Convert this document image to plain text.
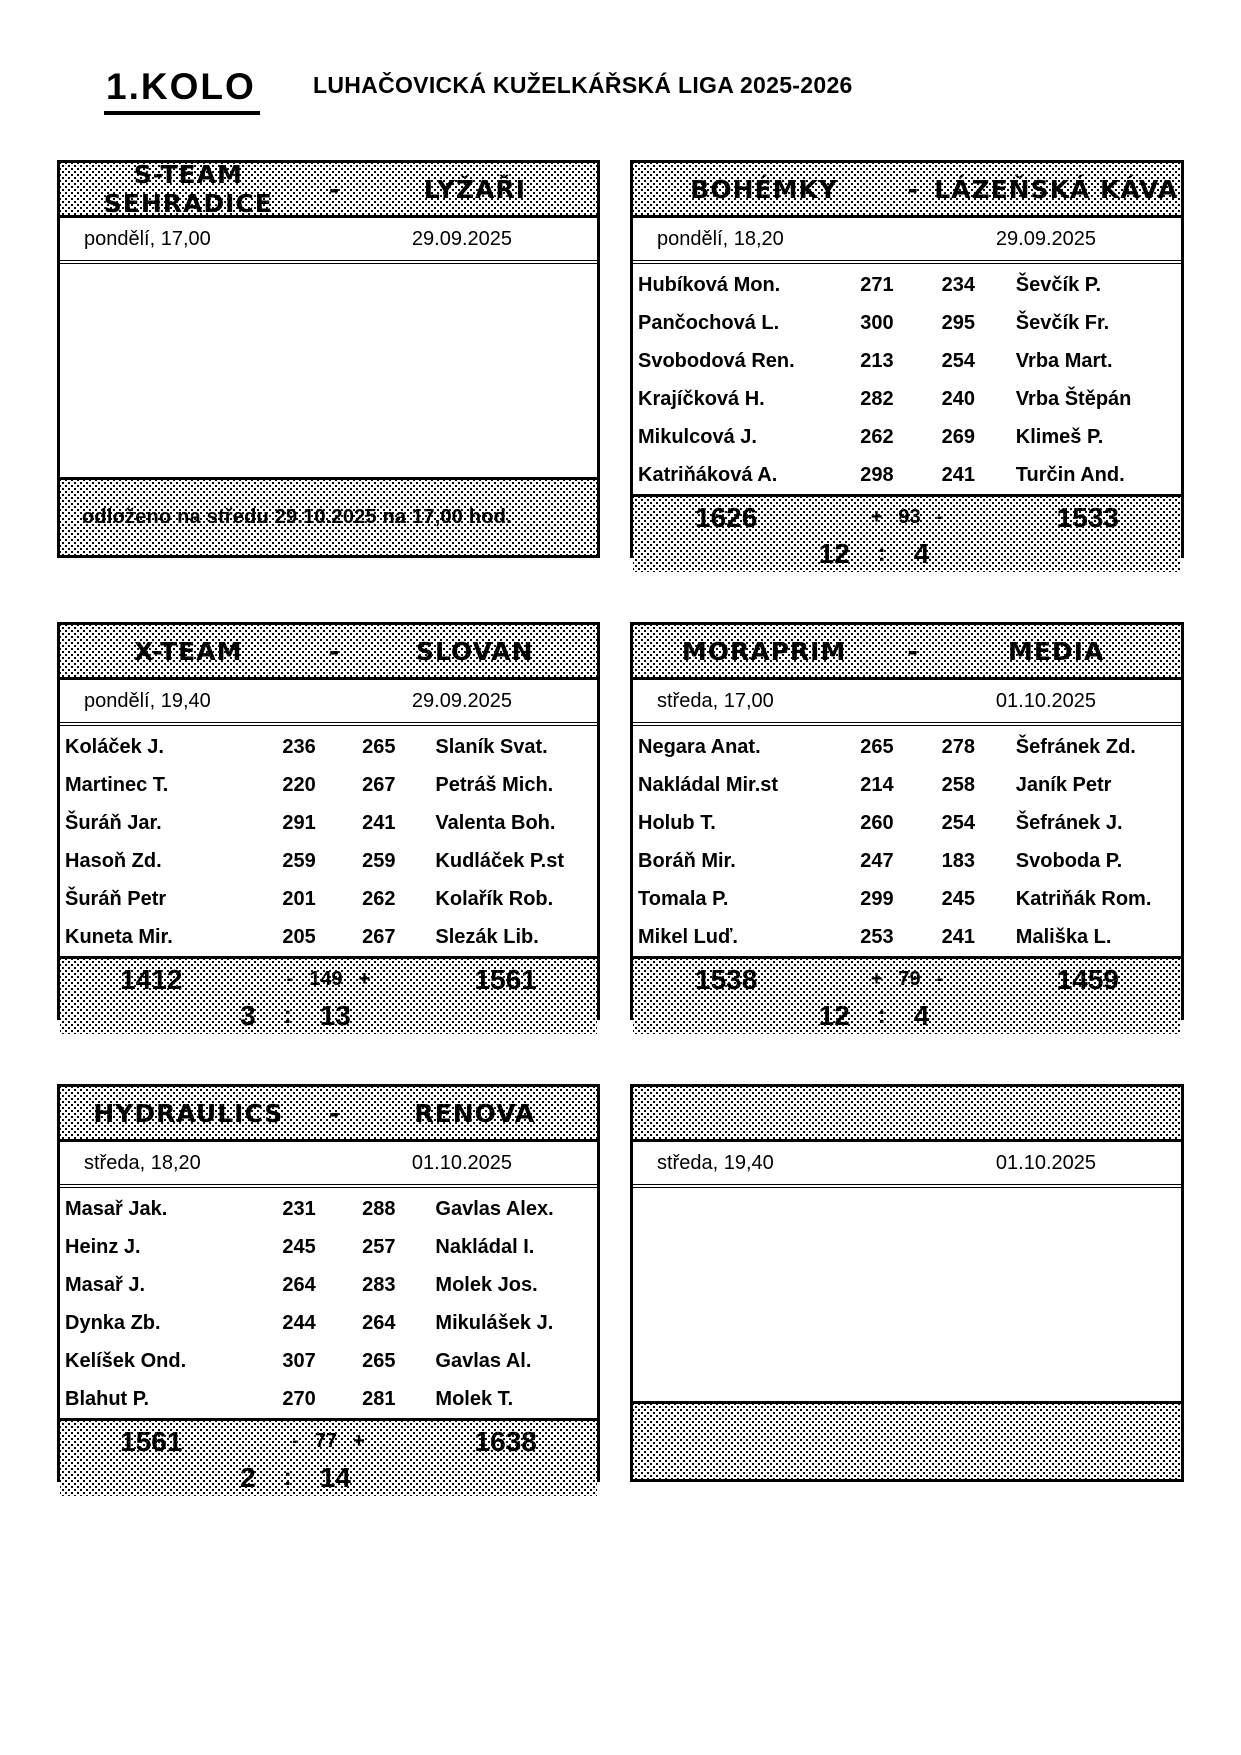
1.KOLO LUHAČOVICKÁ KUŽELKÁŘSKÁ LIGA 2025-2026
S-TEAM SEHRADICE	-	LYŽAŘI
pondělí, 17,00	29.09.2025
odloženo na středu 29.10.2025 na 17,00 hod.
BOHÉMKY	- LÁZEŇSKÁ KÁVA
pondělí, 18,20	29.09.2025
Hubíková Mon.	271	234	Ševčík P.
Pančochová L.	300	295	Ševčík Fr.
Svobodová Ren.	213	254	Vrba Mart.
Krajíčková H.	282	240	Vrba Štěpán
Mikulcová J.	262	269	Klimeš P.
Katriňáková A.	298	241	Turčin And.
1626	+ 93 -	1533
12 : 4
X-TEAM	-	SLOVAN
pondělí, 19,40	29.09.2025
Koláček J.	236	265	Slaník Svat.
Martinec T.	220	267	Petráš Mich.
Šuráň Jar.	291	241	Valenta Boh.
Hasoň Zd.	259	259	Kudláček P.st
Šuráň Petr	201	262	Kolařík Rob.
Kuneta Mir.	205	267	Slezák Lib.
1412	- 149 +	1561
3 : 13
MORAPRIM	-	MEDIA
středa, 17,00	01.10.2025
Negara Anat.	265	278	Šefránek Zd.
Nakládal Mir.st	214	258	Janík Petr
Holub T.	260	254	Šefránek J.
Boráň Mir.	247	183	Svoboda P.
Tomala P.	299	245	Katriňák Rom.
Mikel Luď.	253	241	Mališka L.
1538	+ 79 -	1459
12 : 4
HYDRAULICS	-	RENOVA
středa, 18,20	01.10.2025
Masař Jak.	231	288	Gavlas Alex.
Heinz J.	245	257	Nakládal I.
Masař J.	264	283	Molek Jos.
Dynka Zb.	244	264	Mikulášek J.
Kelíšek Ond.	307	265	Gavlas Al.
Blahut P.	270	281	Molek T.
1561	- 77 +	1638
2 : 14
středa, 19,40	01.10.2025
